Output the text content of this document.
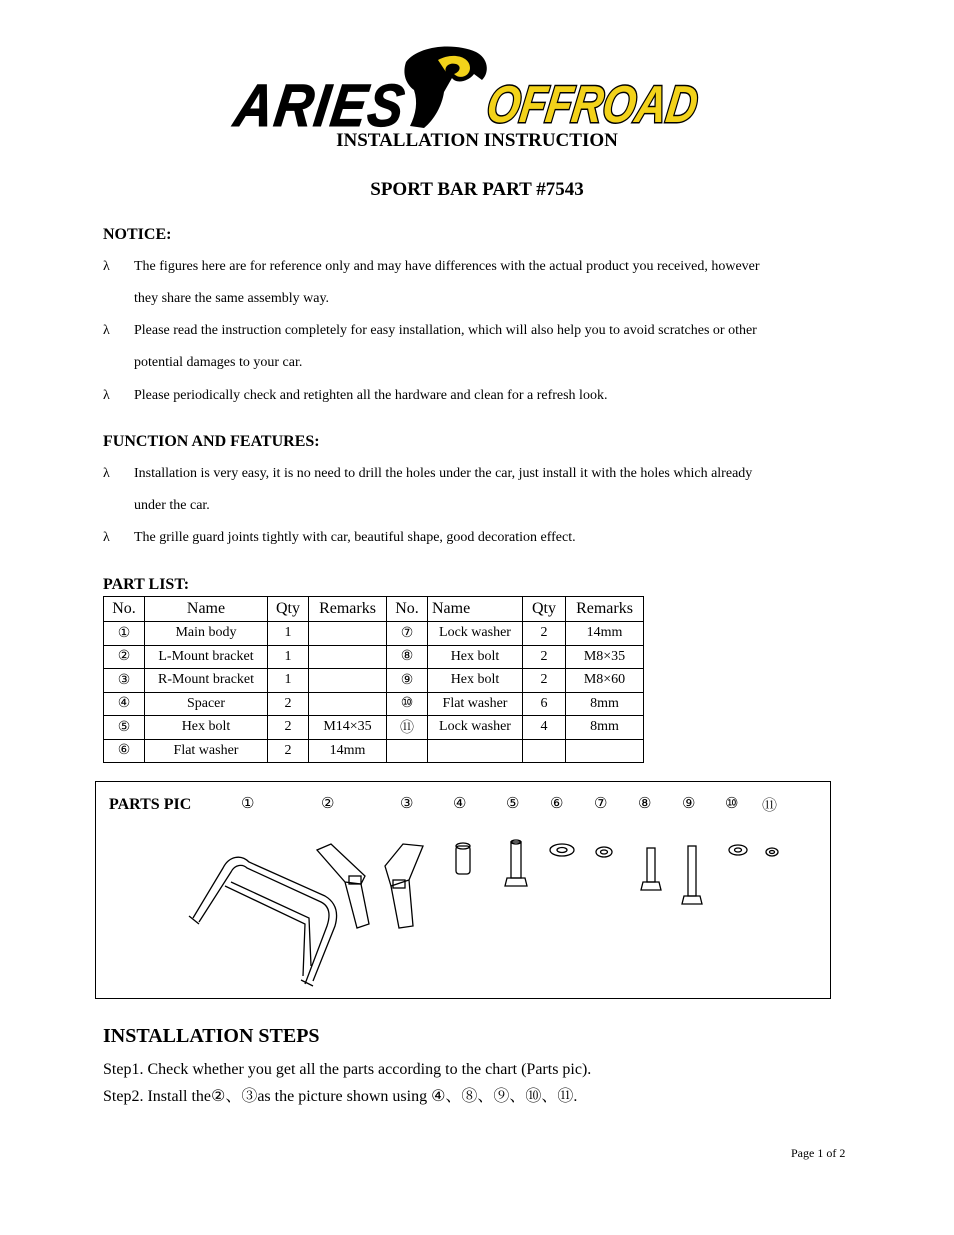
ARIES OFFROAD
INSTALLATION INSTRUCTION
SPORT BAR PART #7543
NOTICE:
λ The figures here are for reference only and may have differences with the actual product you received, however
they share the same assembly way.
λ Please read the instruction completely for easy installation, which will also help you to avoid scratches or other
potential damages to your car.
λ Please periodically check and retighten all the hardware and clean for a refresh look.
FUNCTION AND FEATURES:
λ Installation is very easy, it is no need to drill the holes under the car, just install it with the holes which already
under the car.
λ The grille guard joints tightly with car, beautiful shape, good decoration effect.
PART LIST:
No.	Name	Qty	Remarks	No.	Name	Qty	Remarks
①	Main body	1		⑦	Lock washer	2	14mm
②	L-Mount bracket	1		⑧	Hex bolt	2	M8×35
③	R-Mount bracket	1		⑨	Hex bolt	2	M8×60
④	Spacer	2		⑩	Flat washer	6	8mm
⑤	Hex bolt	2	M14×35	⑪	Lock washer	4	8mm
⑥	Flat washer	2	14mm				
PARTS PIC	①	②	③	④	⑤ ⑥ ⑦ ⑧ ⑨ ⑩ ⑪
INSTALLATION STEPS
Step1. Check whether you get all the parts according to the chart (Parts pic).
Step2. Install the②、③as the picture shown using ④、⑧、⑨、⑩、⑪.
Page 1 of 2
